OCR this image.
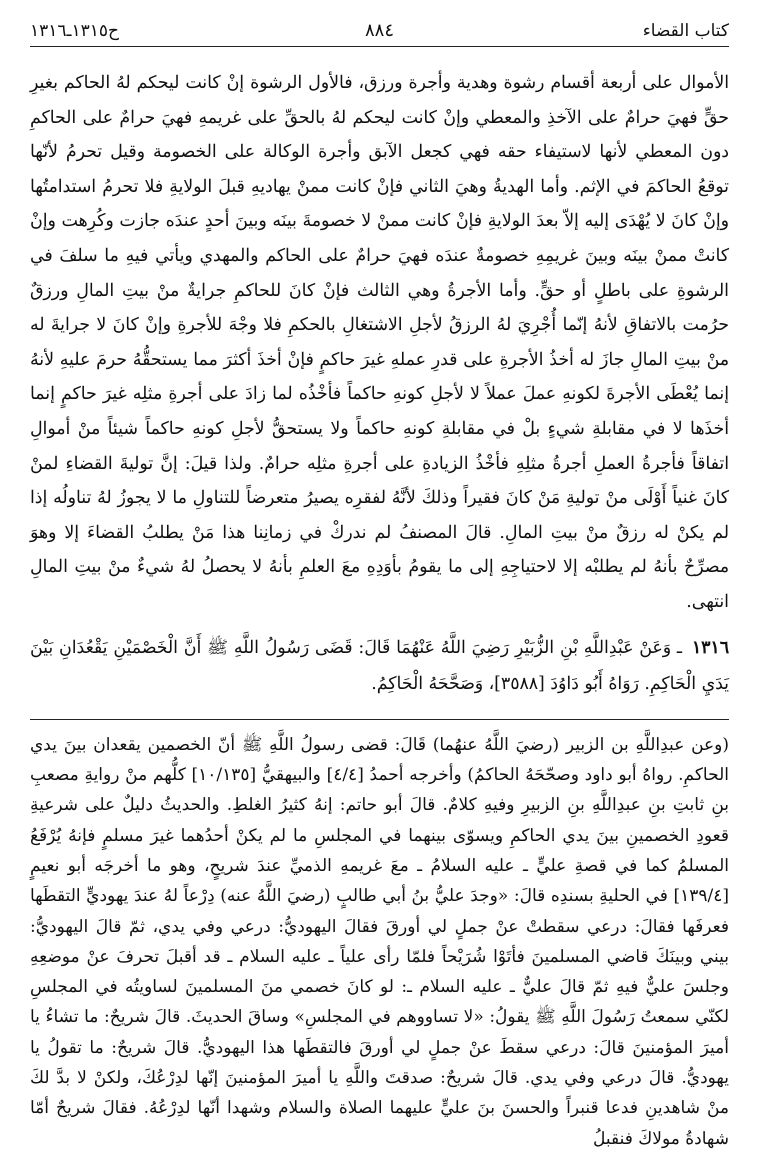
كتاب القضاء
٨٨٤
ح١٣١٥ـ١٣١٦

الأموال على أربعة أقسام رشوة وهدية وأجرة ورزق، فالأول الرشوة إنْ كانت ليحكم لهُ الحاكم بغيرِ حقٍّ فهيَ حرامٌ على الآخذِ والمعطي وإنْ كانت ليحكم لهُ بالحقِّ على غريمهِ فهيَ حرامٌ على الحاكمِ دون المعطي لأنها لاستيفاء حقه فهي كجعل الآبق وأجرة الوكالة على الخصومة وقيل تحرمُ لأنّها توقعُ الحاكمَ في الإثم. وأما الهديةُ وهيَ الثاني فإنْ كانت ممنْ يهاديهِ قبلَ الولايةِ فلا تحرمُ استدامتُها وإنْ كانَ لا يُهْدَى إليه إلاّ بعدَ الولايةِ فإنْ كانت ممنْ لا خصومةَ بينَه وبينَ أحدٍ عندَه جازت وكُرِهت وإنْ كانتْ ممنْ بينَه وبينَ غريمِهِ خصومةٌ عندَه فهيَ حرامٌ على الحاكم والمهدي ويأتي فيهِ ما سلفَ في الرشوةِ على باطلٍ أو حقٍّ. وأما الأجرةُ وهي الثالث فإنْ كانَ للحاكمِ جرايةٌ منْ بيتِ المالِ ورزقٌ حرُمت بالاتفاقِ لأنهُ إنّما أُجْرِيَ لهُ الرزقُ لأجلِ الاشتغالِ بالحكمِ فلا وجْهَ للأجرةِ وإنْ كانَ لا جرايةَ له منْ بيتِ المالِ جازَ له أخذُ الأجرةِ على قدرِ عملهِ غيرَ حاكمٍ فإنْ أخذَ أكثرَ مما يستحقُّهُ حرمَ عليهِ لأنهُ إنما يُعْطَى الأجرةَ لكونهِ عملَ عملاً لا لأجلِ كونهِ حاكماً فأخْذُه لما زادَ على أجرةِ مثلِه غيرَ حاكمٍ إنما أخذَها لا في مقابلةِ شيءٍ بلْ في مقابلةِ كونهِ حاكماً ولا يستحقُّ لأجلِ كونهِ حاكماً شيئاً منْ أموالِ اتفاقاً فأجرةُ العملِ أجرةُ مثلِهِ فأخْذُ الزيادةِ على أجرةِ مثلِه حرامٌ. ولذا قيلَ: إنَّ توليةَ القضاءِ لمنْ كانَ غنياً أَوْلَى منْ توليةِ مَنْ كانَ فقيراً وذلكَ لأنَّهُ لفقرِه يصيرُ متعرضاً للتناولِ ما لا يجوزُ لهُ تناولُه إذا لم يكنْ له رزقٌ منْ بيتِ المالِ. قالَ المصنفُ لم ندركْ في زمانِنا هذا مَنْ يطلبُ القضاءَ إلا وهوَ مصرِّحٌ بأنهُ لم يطلبْه إلا لاحتياجِهِ إلى ما يقومُ بأوَدِهِ معَ العلمِ بأنهُ لا يحصلُ لهُ شيءٌ منْ بيتِ المالِ انتهى.

١٣١٦ ـ وَعَنْ عَبْدِاللَّهِ بْنِ الزُّبَيْرِ رَضِيَ اللَّهُ عَنْهُمَا قَالَ: قَضَى رَسُولُ اللَّهِ ﷺ أَنَّ الْخَصْمَيْنِ يَقْعُدَانِ بَيْنَ يَدَيِ الْحَاكِمِ. رَوَاهُ أَبُو دَاوُدَ [٣٥٨٨]، وَصَحَّحَهُ الْحَاكِمُ.

(وعن عبدِاللَّهِ بن الزبير (رضيَ اللَّهُ عنهُما) قَالَ: قضى رسولُ اللَّهِ ﷺ أنّ الخصمين يقعدان بينَ يدي الحاكمِ. رواهُ أبو داود وصحّحَهُ الحاكمُ) وأخرجه أحمدُ [٤/٤] والبيهقيُّ [١٠/١٣٥] كلُّهم منْ روايةِ مصعبِ بنِ ثابتِ بنِ عبدِاللَّهِ بنِ الزبيرِ وفيهِ كلامٌ. قالَ أبو حاتم: إنهُ كثيرُ الغلطِ. والحديثُ دليلٌ على شرعيةِ قعودِ الخصمينِ بينَ يدي الحاكمِ ويسوّى بينهما في المجلسِ ما لم يكنْ أحدُهما غيرَ مسلمٍ فإنهُ يُرْفَعُ المسلمُ كما في قصةِ عليٍّ ـ عليه السلامُ ـ معَ غريمهِ الذميِّ عندَ شريحٍ، وهو ما أخرجَه أبو نعيمٍ [١٣٩/٤] في الحليةِ بسندِه قالَ: «وجدَ عليُّ بنُ أبي طالبٍ (رضيَ اللَّهُ عنه) دِرْعاً لهُ عندَ يهوديٍّ التقطَها فعرفَها فقالَ: درعي سقطتْ عنْ جملٍ لي أورقَ فقالَ اليهوديُّ: درعي وفي يدي، ثمّ قالَ اليهوديُّ: بيني وبينَكَ قاضي المسلمينَ فأتَوْا شُرَيْحاً فلمّا رأى علياً ـ عليه السلام ـ قد أقبلَ تحرفَ عنْ موضعِهِ وجلسَ عليٌّ فيهِ ثمّ قالَ عليٌّ ـ عليه السلام ـ: لو كانَ خصمي منَ المسلمينَ لساويتُه في المجلسِ لكنّي سمعتُ رَسُولَ اللَّهِ ﷺ يقولُ: «لا تساووهم في المجلسِ» وساقَ الحديثَ. قالَ شريحٌ: ما تشاءُ يا أميرَ المؤمنينَ قالَ: درعي سقطَ عنْ جملٍ لي أورقَ فالتقطَها هذا اليهوديُّ. قالَ شريحٌ: ما تقولُ يا يهوديُّ. قالَ درعي وفي يدي. قالَ شريحٌ: صدقتَ واللَّهِ يا أميرَ المؤمنينَ إنّها لدِرْعُكَ، ولكنْ لا بدَّ لكَ منْ شاهدينِ فدعا قنبراً والحسنَ بنَ عليٍّ عليهما الصلاة والسلام وشهدا أنّها لدِرْعُهُ. فقالَ شريحٌ أمّا شهادةُ مولاكَ فنقبلُ
